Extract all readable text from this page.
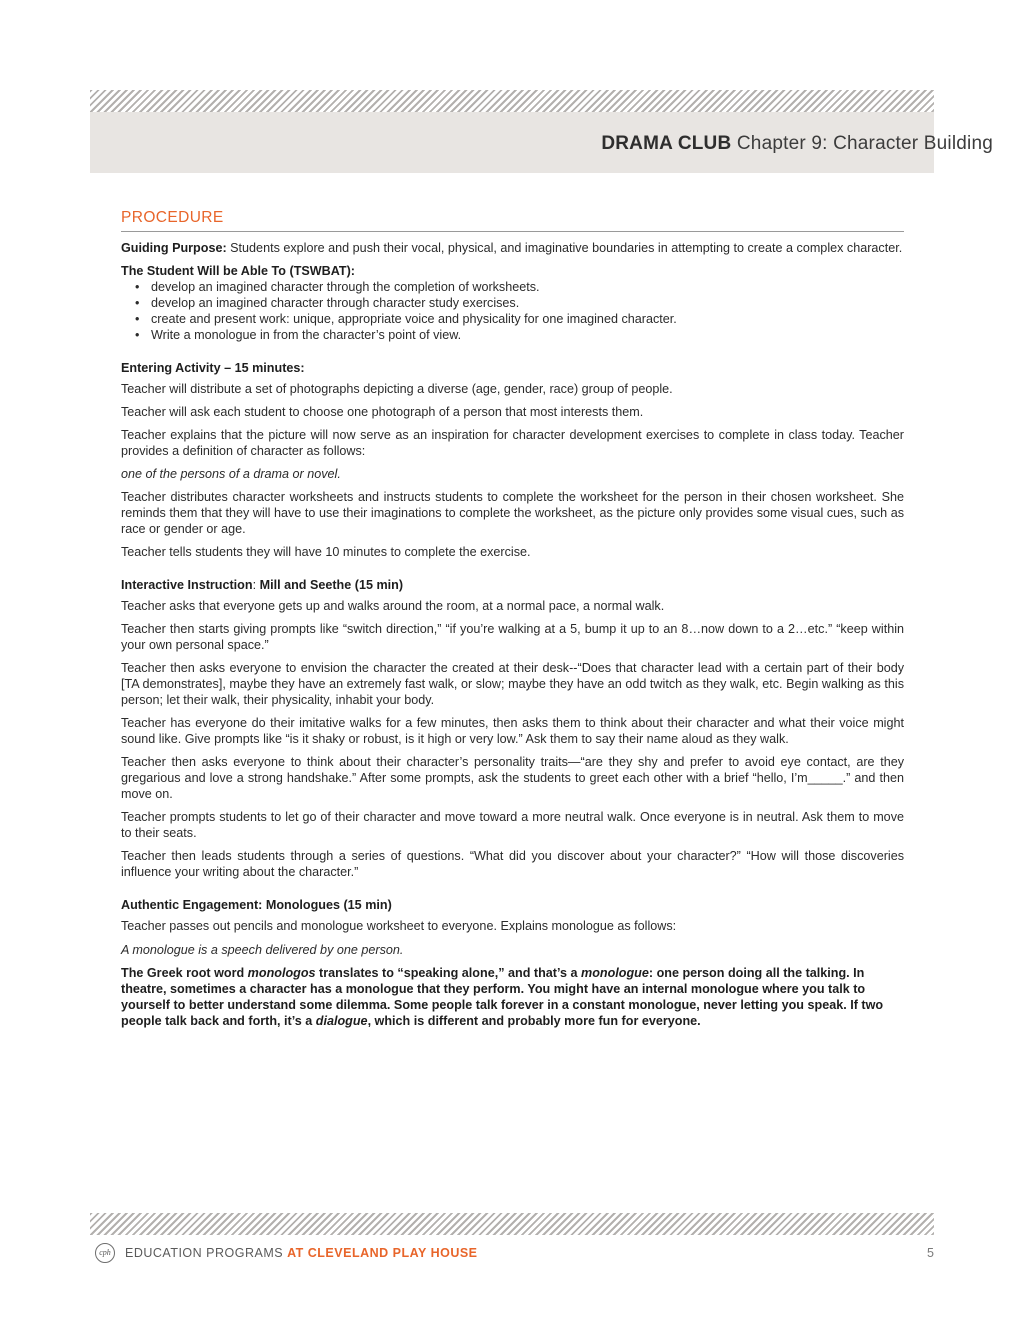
DRAMA CLUB Chapter 9: Character Building
PROCEDURE

Guiding Purpose: Students explore and push their vocal, physical, and imaginative boundaries in attempting to create a complex character.

The Student Will be Able To (TSWBAT):

• develop an imagined character through the completion of worksheets.
• develop an imagined character through character study exercises.
• create and present work: unique, appropriate voice and physicality for one imagined character.
• Write a monologue in from the character’s point of view.

Entering Activity – 15 minutes:

Teacher will distribute a set of photographs depicting a diverse (age, gender, race) group of people.

Teacher will ask each student to choose one photograph of a person that most interests them.

Teacher explains that the picture will now serve as an inspiration for character development exercises to complete in class today. Teacher provides a definition of character as follows:

one of the persons of a drama or novel.

Teacher distributes character worksheets and instructs students to complete the worksheet for the person in their chosen worksheet. She reminds them that they will have to use their imaginations to complete the worksheet, as the picture only provides some visual cues, such as race or gender or age.

Teacher tells students they will have 10 minutes to complete the exercise.

Interactive Instruction: Mill and Seethe (15 min)

Teacher asks that everyone gets up and walks around the room, at a normal pace, a normal walk.

Teacher then starts giving prompts like “switch direction,” “if you’re walking at a 5, bump it up to an 8…now down to a 2…etc.” “keep within your own personal space.”

Teacher then asks everyone to envision the character the created at their desk--“Does that character lead with a certain part of their body [TA demonstrates], maybe they have an extremely fast walk, or slow; maybe they have an odd twitch as they walk, etc. Begin walking as this person; let their walk, their physicality, inhabit your body.

Teacher has everyone do their imitative walks for a few minutes, then asks them to think about their character and what their voice might sound like. Give prompts like “is it shaky or robust, is it high or very low.” Ask them to say their name aloud as they walk.

Teacher then asks everyone to think about their character’s personality traits—“are they shy and prefer to avoid eye contact, are they gregarious and love a strong handshake.” After some prompts, ask the students to greet each other with a brief “hello, I’m_____.” and then move on.

Teacher prompts students to let go of their character and move toward a more neutral walk. Once everyone is in neutral. Ask them to move to their seats.

Teacher then leads students through a series of questions. “What did you discover about your character?” “How will those discoveries influence your writing about the character.”

Authentic Engagement: Monologues (15 min)

Teacher passes out pencils and monologue worksheet to everyone. Explains monologue as follows:

A monologue is a speech delivered by one person.

The Greek root word monologos translates to “speaking alone,” and that’s a monologue: one person doing all the talking. In theatre, sometimes a character has a monologue that they perform. You might have an internal monologue where you talk to yourself to better understand some dilemma. Some people talk forever in a constant monologue, never letting you speak. If two people talk back and forth, it’s a dialogue, which is different and probably more fun for everyone.

cph	EDUCATION PROGRAMS AT CLEVELAND PLAY HOUSE	5
